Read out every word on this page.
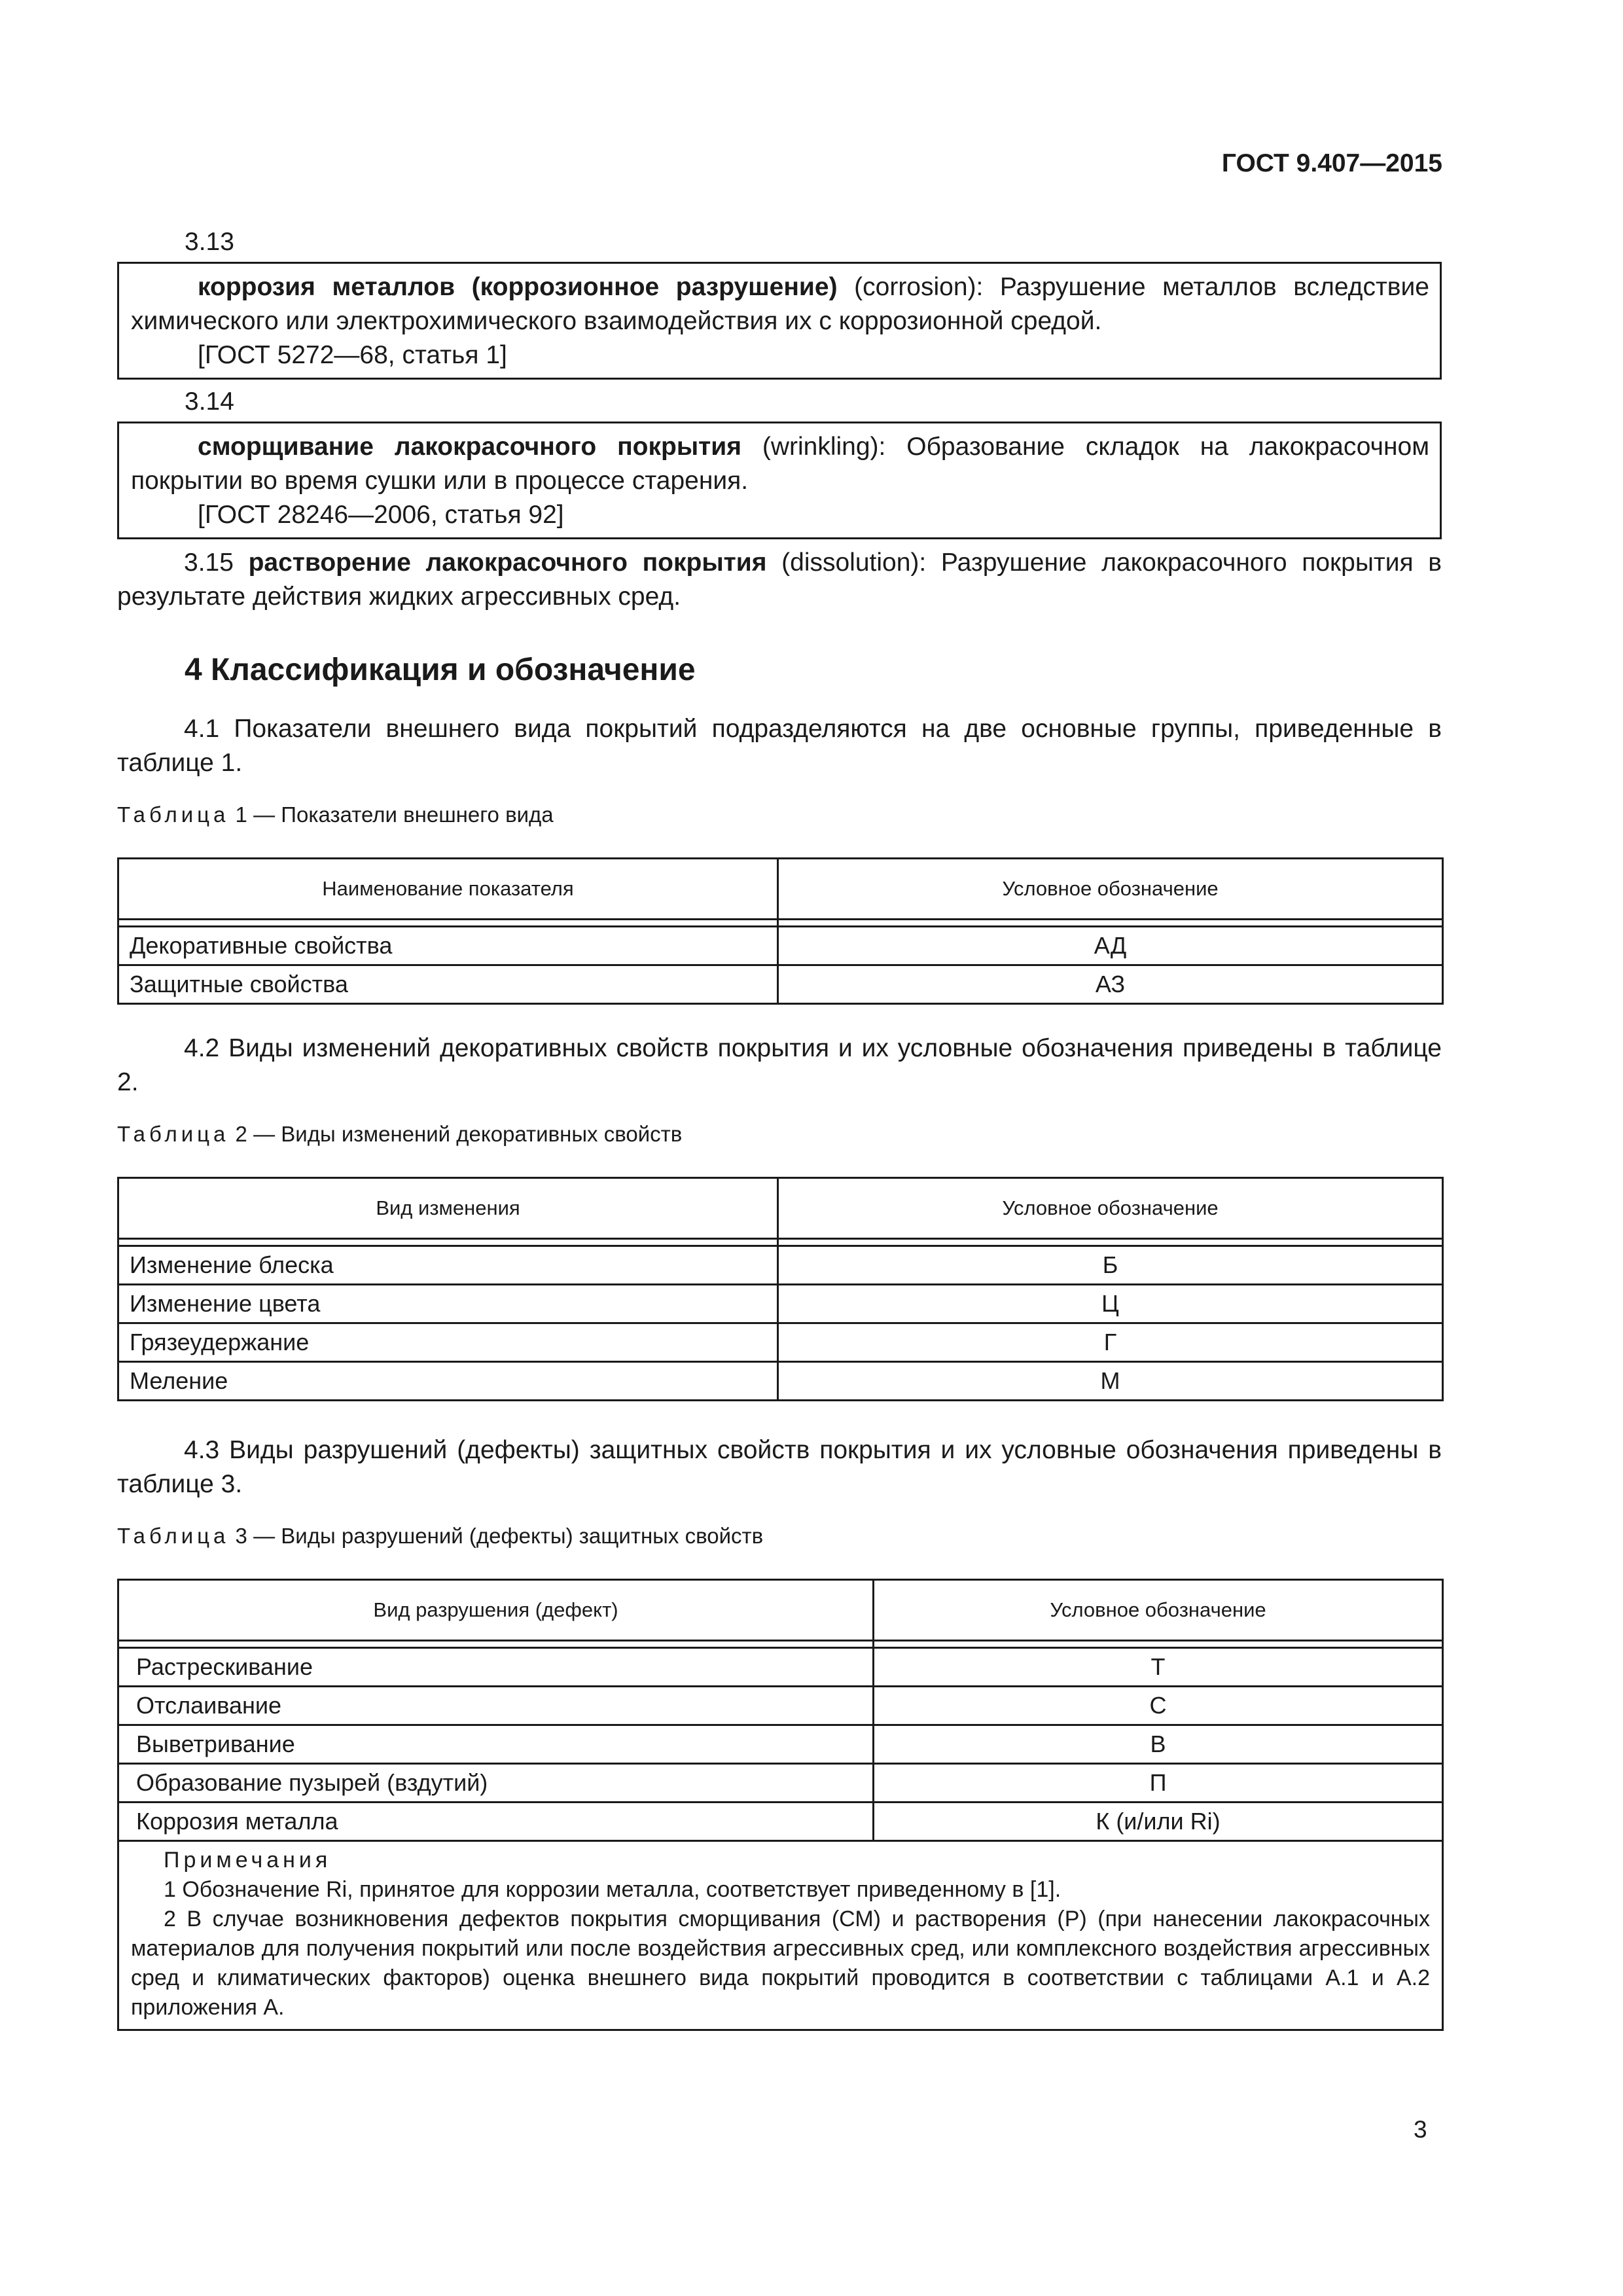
ГОСТ 9.407—2015
3.13

коррозия металлов (коррозионное разрушение) (corrosion): Разрушение металлов вследствие химического или электрохимического взаимодействия их с коррозионной средой.

[ГОСТ 5272—68, статья 1]

3.14

сморщивание лакокрасочного покрытия (wrinkling): Образование складок на лакокрасочном покрытии во время сушки или в процессе старения.

[ГОСТ 28246—2006, статья 92]

3.15 растворение лакокрасочного покрытия (dissolution): Разрушение лакокрасочного покрытия в результате действия жидких агрессивных сред.
4 Классификация и обозначение
4.1 Показатели внешнего вида покрытий подразделяются на две основные группы, приведенные в таблице 1.
Таблица 1 — Показатели внешнего вида
Наименование показателя	Условное обозначение

Декоративные свойства	АД
Защитные свойства	АЗ
4.2 Виды изменений декоративных свойств покрытия и их условные обозначения приведены в таблице 2.
Таблица 2 — Виды изменений декоративных свойств
Вид изменения	Условное обозначение

Изменение блеска	Б
Изменение цвета	Ц
Грязеудержание	Г
Меление	М
4.3 Виды разрушений (дефекты) защитных свойств покрытия и их условные обозначения приведены в таблице 3.
Таблица 3 — Виды разрушений (дефекты) защитных свойств
Вид разрушения (дефект)	Условное обозначение

Растрескивание	Т
Отслаивание	С
Выветривание	В
Образование пузырей (вздутий)	П
Коррозия металла	К (и/или Ri)

Примечания

1 Обозначение Ri, принятое для коррозии металла, соответствует приведенному в [1].

2 В случае возникновения дефектов покрытия сморщивания (СМ) и растворения (Р) (при нанесении лакокрасочных материалов для получения покрытий или после воздействия агрессивных сред, или комплексного воздействия агрессивных сред и климатических факторов) оценка внешнего вида покрытий проводится в соответствии с таблицами А.1 и А.2 приложения А.	

3
